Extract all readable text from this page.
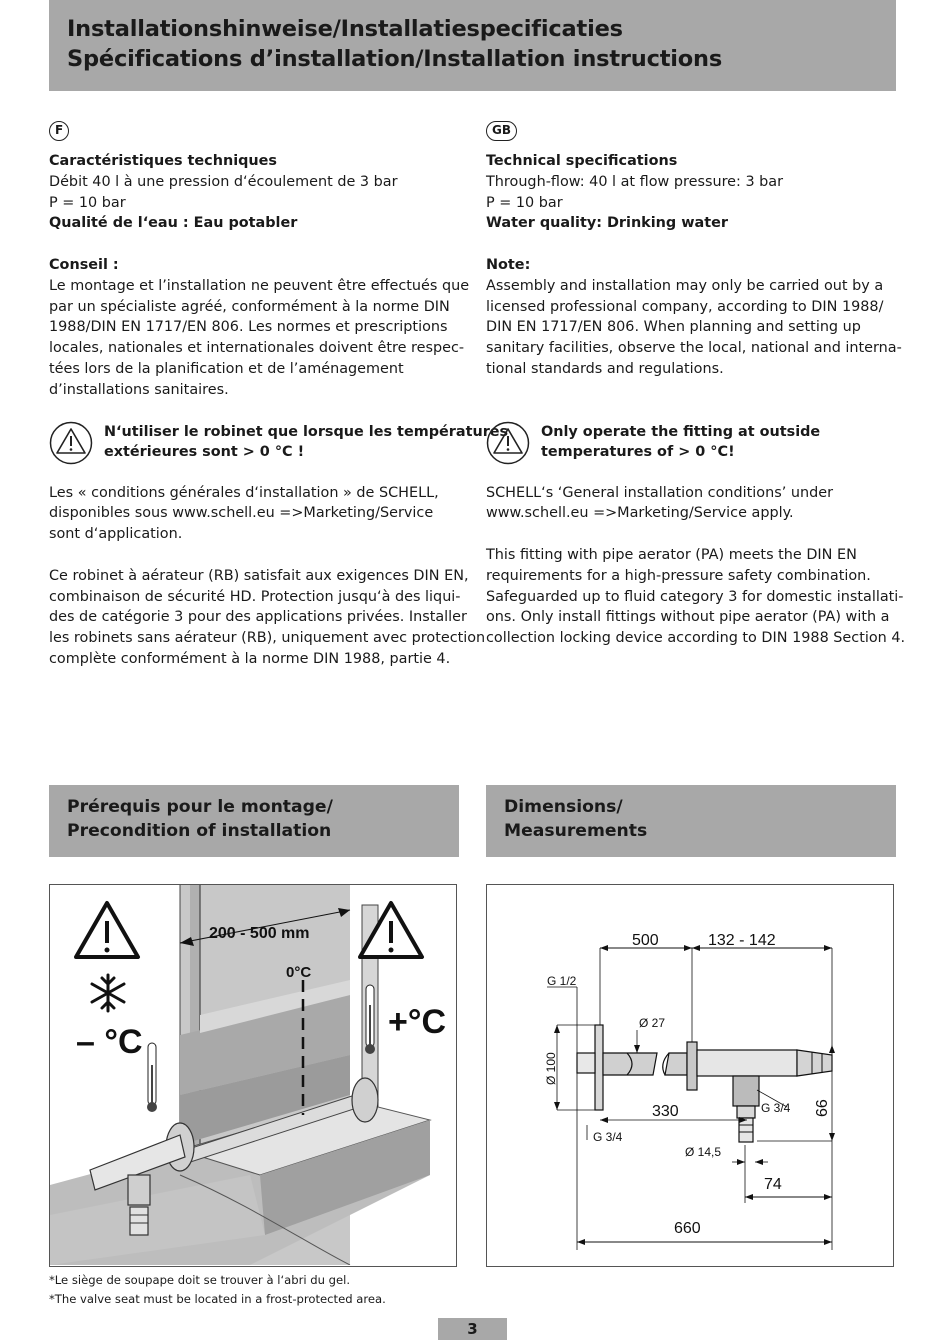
Installationshinweise/Installatiespecificaties
Spécifications d’installation/Installation instructions
F

Caractéristiques techniques

Débit 40 l à une pression d‘écoulement de 3 bar

P = 10 bar

Qualité de l‘eau : Eau potabler

Conseil :

Le montage et l’installation ne peuvent être effectués que

par un spécialiste agréé, conformément à la norme DIN

1988/DIN EN 1717/EN 806. Les normes et prescriptions

locales, nationales et internationales doivent être respec-

tées lors de la planification et de l’aménagement

d’installations sanitaires.

N‘utiliser le robinet que lorsque les températures
extérieures sont > 0 °C !

Les « conditions générales d‘installation » de SCHELL,

disponibles sous www.schell.eu =>Marketing/Service

sont d‘application.

Ce robinet à aérateur (RB) satisfait aux exigences DIN EN,

combinaison de sécurité HD. Protection jusqu‘à des liqui-

des de catégorie 3 pour des applications privées. Installer

les robinets sans aérateur (RB), uniquement avec protection

complète conformément à la norme DIN 1988, partie 4.

GB

Technical specifications

Through-flow: 40 l at flow pressure: 3 bar

P = 10 bar

Water quality: Drinking water

Note:

Assembly and installation may only be carried out by a

licensed professional company, according to DIN 1988/

DIN EN 1717/EN 806. When planning and setting up

sanitary facilities, observe the local, national and interna-

tional standards and regulations.

Only operate the fitting at outside
temperatures of > 0 °C!

SCHELL‘s ‘General installation conditions’ under

www.schell.eu =>Marketing/Service apply.

This fitting with pipe aerator (PA) meets the DIN EN

requirements for a high-pressure safety combination.

Safeguarded up to fluid category 3 for domestic installati-

ons. Only install fittings without pipe aerator (PA) with a

collection locking device according to DIN 1988 Section 4.

Prérequis pour le montage/
Precondition of installation
Dimensions/
Measurements
200 - 500 mm
0°C
– °C
+°C
500	132 - 142
G 1/2
Ø 27
Ø 100
330	G 3/4
G 3/4
66
Ø 14,5
74
660
*Le siège de soupape doit se trouver à l‘abri du gel.
*The valve seat must be located in a frost-protected area.
3
